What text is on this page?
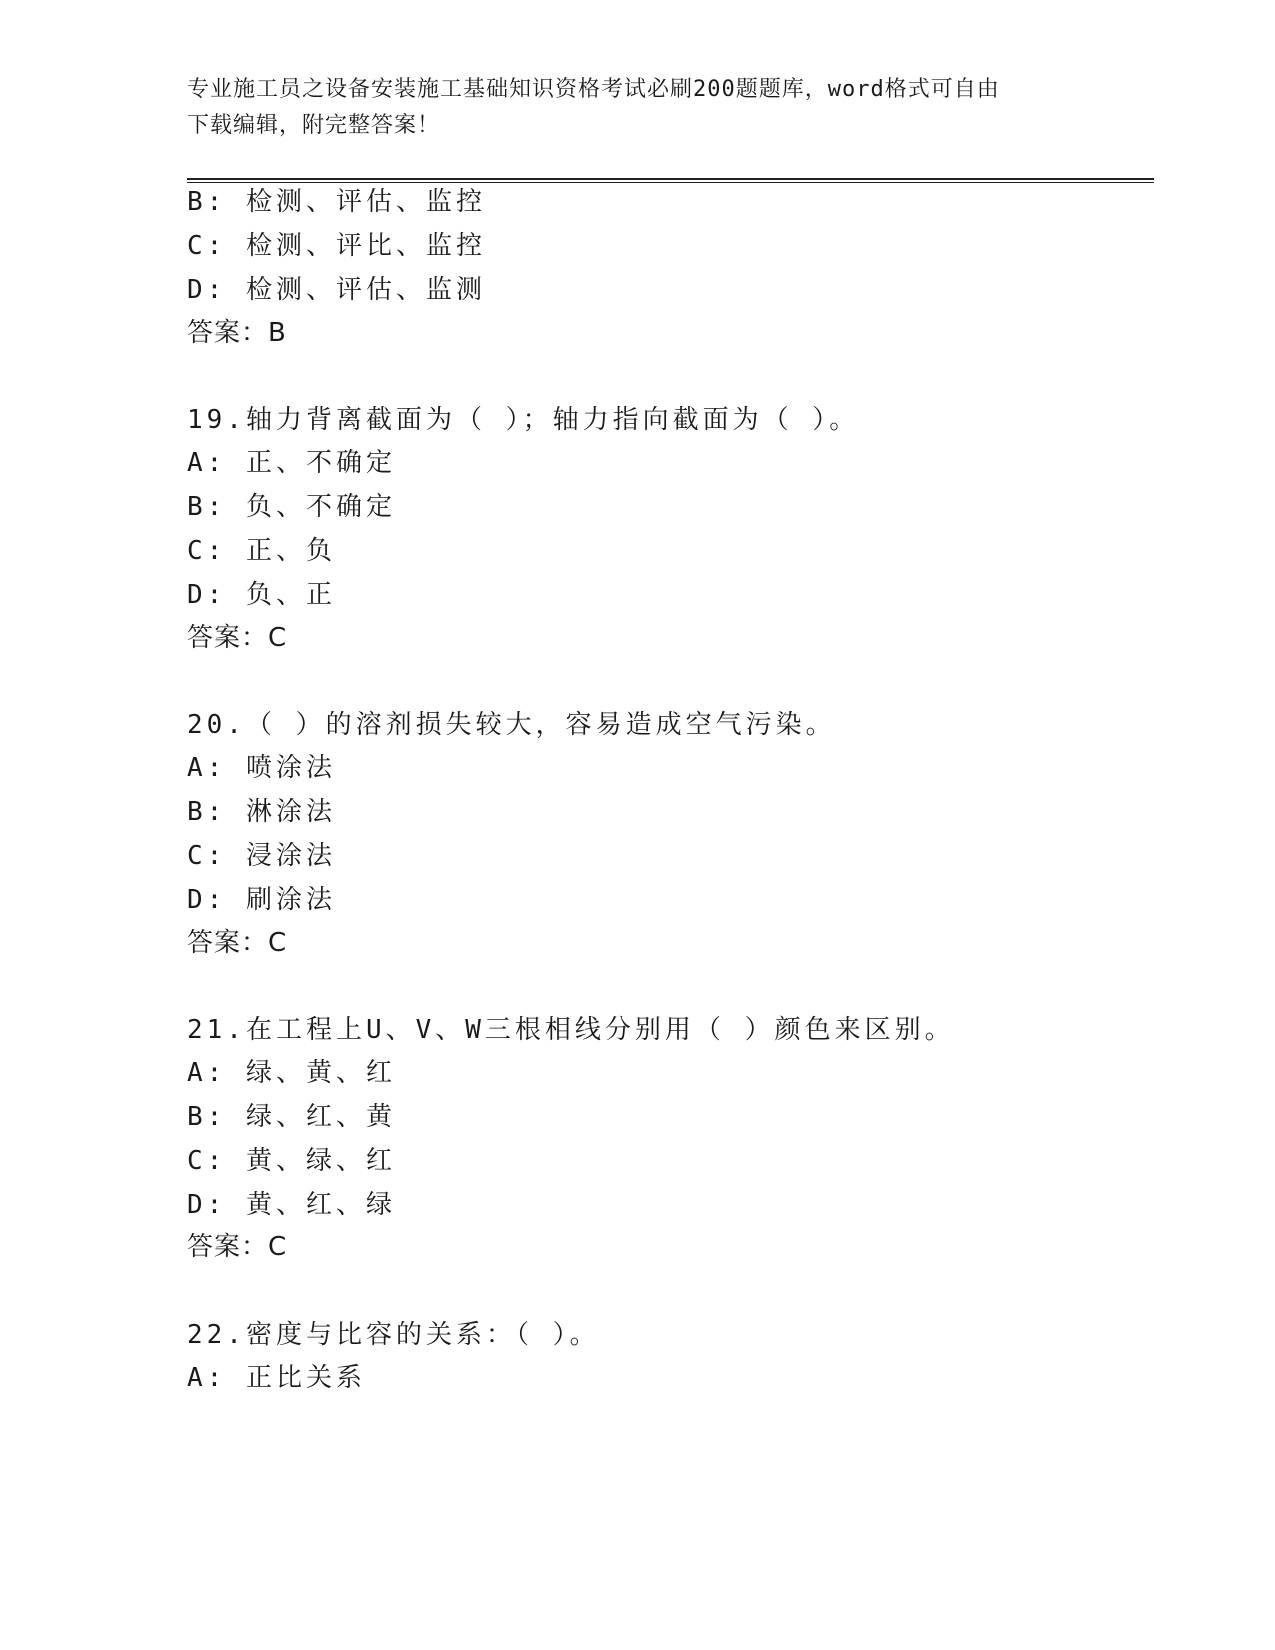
专业施工员之设备安装施工基础知识资格考试必刷200题题库，word格式可自由
下载编辑，附完整答案！
B: 检测、评估、监控
C: 检测、评比、监控
D: 检测、评估、监测
答案：B
19.轴力背离截面为（ ）；轴力指向截面为（ ）。
A: 正、不确定
B: 负、不确定
C: 正、负
D: 负、正
答案：C
20.（ ）的溶剂损失较大，容易造成空气污染。
A: 喷涂法
B: 淋涂法
C: 浸涂法
D: 刷涂法
答案：C
21.在工程上U、V、W三根相线分别用（ ）颜色来区别。
A: 绿、黄、红
B: 绿、红、黄
C: 黄、绿、红
D: 黄、红、绿
答案：C
22.密度与比容的关系：（ ）。
A: 正比关系
